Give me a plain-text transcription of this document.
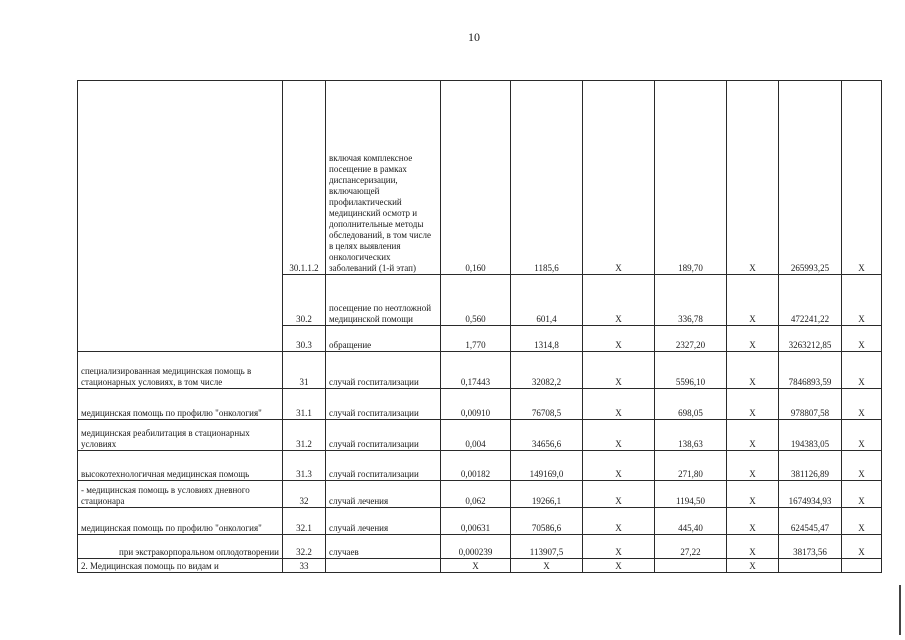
10
	30.1.1.2	включая комплексное посещение в рамках диспансеризации, включающей профилактический медицинский осмотр и дополнительные методы обследований, в том числе в целях выявления онкологических заболеваний (1-й этап)	0,160	1185,6	Х	189,70	Х	265993,25	Х
	30.2	посещение по неотложной медицинской помощи	0,560	601,4	Х	336,78	Х	472241,22	Х
	30.3	обращение	1,770	1314,8	Х	2327,20	Х	3263212,85	Х
специализированная медицинская помощь в стационарных условиях, в том числе	31	случай госпитализации	0,17443	32082,2	Х	5596,10	Х	7846893,59	Х
медицинская помощь по профилю "онкология"	31.1	случай госпитализации	0,00910	76708,5	Х	698,05	Х	978807,58	Х
медицинская реабилитация в стационарных условиях	31.2	случай госпитализации	0,004	34656,6	Х	138,63	Х	194383,05	Х
высокотехнологичная медицинская помощь	31.3	случай госпитализации	0,00182	149169,0	Х	271,80	Х	381126,89	Х
- медицинская помощь в условиях дневного стационара	32	случай лечения	0,062	19266,1	Х	1194,50	Х	1674934,93	Х
медицинская помощь по профилю "онкология"	32.1	случай лечения	0,00631	70586,6	Х	445,40	Х	624545,47	Х
при экстракорпоральном оплодотворении	32.2	случаев	0,000239	113907,5	Х	27,22	Х	38173,56	Х
2. Медицинская помощь по видам и	33		Х	Х	Х		Х		
